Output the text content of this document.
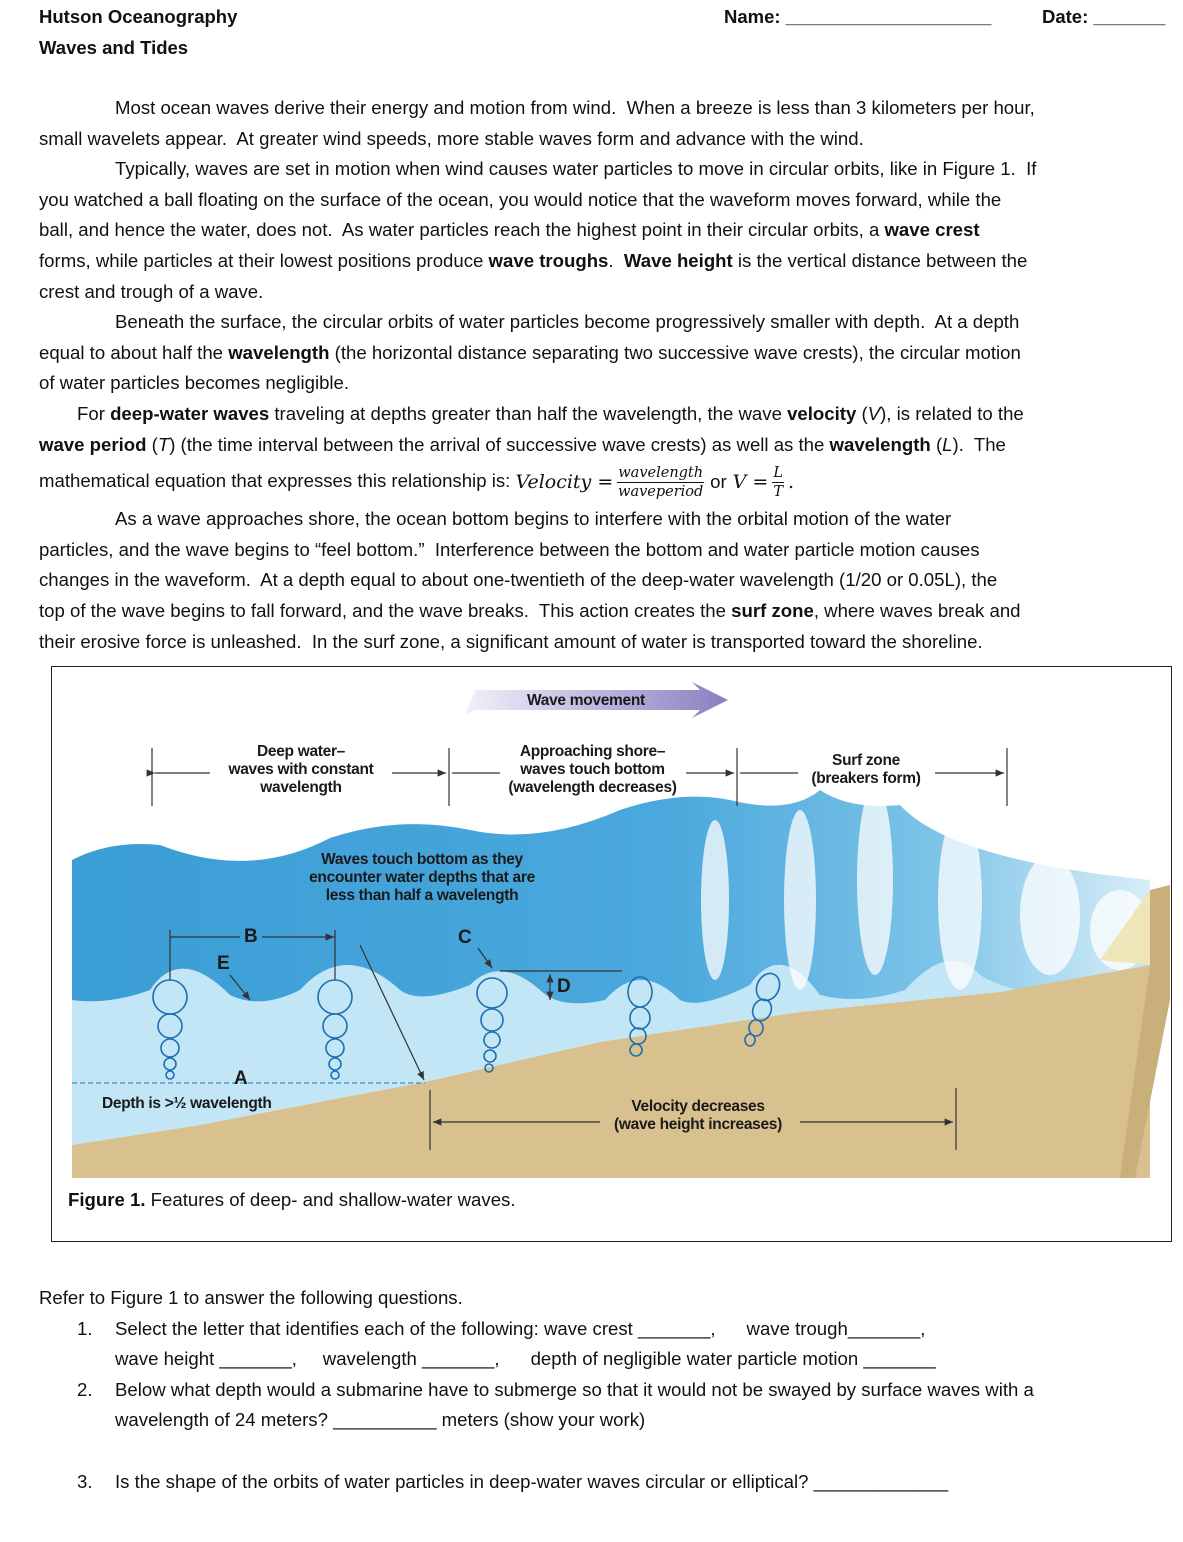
Hutson Oceanography
Waves and Tides
Name: ____________________	Date: _______
Most ocean waves derive their energy and motion from wind.  When a breeze is less than 3 kilometers per hour,
small wavelets appear.  At greater wind speeds, more stable waves form and advance with the wind.
Typically, waves are set in motion when wind causes water particles to move in circular orbits, like in Figure 1.  If
you watched a ball floating on the surface of the ocean, you would notice that the waveform moves forward, while the
ball, and hence the water, does not.  As water particles reach the highest point in their circular orbits, a wave crest
forms, while particles at their lowest positions produce wave troughs.  Wave height is the vertical distance between the
crest and trough of a wave.
Beneath the surface, the circular orbits of water particles become progressively smaller with depth.  At a depth
equal to about half the wavelength (the horizontal distance separating two successive wave crests), the circular motion
of water particles becomes negligible.
For deep-water waves traveling at depths greater than half the wavelength, the wave velocity (V), is related to the
wave period (T) (the time interval between the arrival of successive wave crests) as well as the wavelength (L).  The
mathematical equation that expresses this relationship is: Velocity = $\frac{\text{wavelength}}{\text{waveperiod}}$ or $V = \frac{L}{T}$ .
As a wave approaches shore, the ocean bottom begins to interfere with the orbital motion of the water
particles, and the wave begins to “feel bottom.”  Interference between the bottom and water particle motion causes
changes in the waveform.  At a depth equal to about one-twentieth of the deep-water wavelength (1/20 or 0.05L), the
top of the wave begins to fall forward, and the wave breaks.  This action creates the surf zone, where waves break and
their erosive force is unleashed.  In the surf zone, a significant amount of water is transported toward the shoreline.
Wave movement
Deep water–
waves with constant
wavelength
Approaching shore–
waves touch bottom
(wavelength decreases)
Surf zone
(breakers form)
Waves touch bottom as they
encounter water depths that are
less than half a wavelength
Depth is >½ wavelength	Velocity decreases
(wave height increases)
A
B	C
D
E
Figure 1. Features of deep- and shallow-water waves.
Refer to Figure 1 to answer the following questions.
1. Select the letter that identifies each of the following: wave crest _______,      wave trough_______,
wave height _______,     wavelength _______,      depth of negligible water particle motion _______
2. Below what depth would a submarine have to submerge so that it would not be swayed by surface waves with a
wavelength of 24 meters? __________ meters (show your work)
3. Is the shape of the orbits of water particles in deep-water waves circular or elliptical? _____________
